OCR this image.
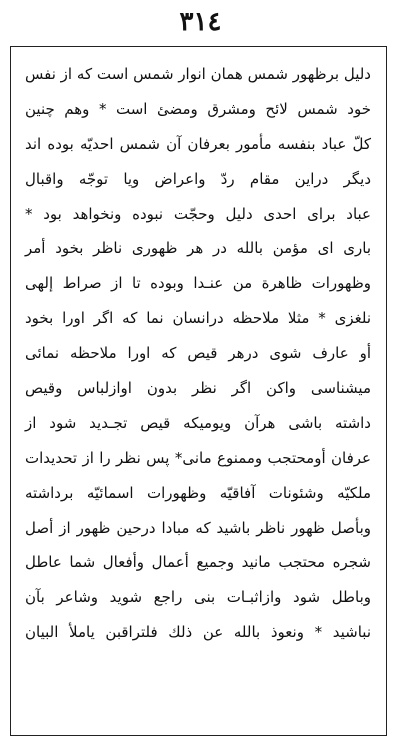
٣١٤
دليل برظهور شمس همان انوار شمس است كه از نفس
خود شمس لائح ومشرق ومضئ است * وهم چنين
كلّ عباد بنفسه مأمور بعرفان آن شمس احديّه بوده اند
ديگر دراين مقام ردّ واعراض ويا توجّه واقبال
عباد براى احدى دليل وحجّت نبوده ونخواهد بود *
بارى اى مؤمن بالله در هر ظهورى ناظر بخود أمر
وظهورات ظاهرة من عنـدا وبوده تا از صراط إلهى
نلغزى * مثلا ملاحظه درانسان نما كه اگر اورا بخود
أو عارف شوى درهر قيص كه اورا ملاحظه نمائى
ميشناسى واكن اگر نظر بدون اوازلباس وقيص
داشته باشى هرآن ويوميكه قيص تجـديد شود از
عرفان أومحتجب وممنوع مانى* پس نظر را از تحديدات
ملكيّه وشئونات آفاقيّه وظهورات اسمائيّه برداشته
وبأصل ظهور ناظر باشيد كه مبادا درحين ظهور از أصل
شجره محتجب مانيد وجميع أعمال وأفعال شما عاطل
وباطل شود وازاثبـات بنى راجع شويد وشاعر بآن
نباشيد * ونعوذ بالله عن ذلك فلتراقبن ياملأ البيان
